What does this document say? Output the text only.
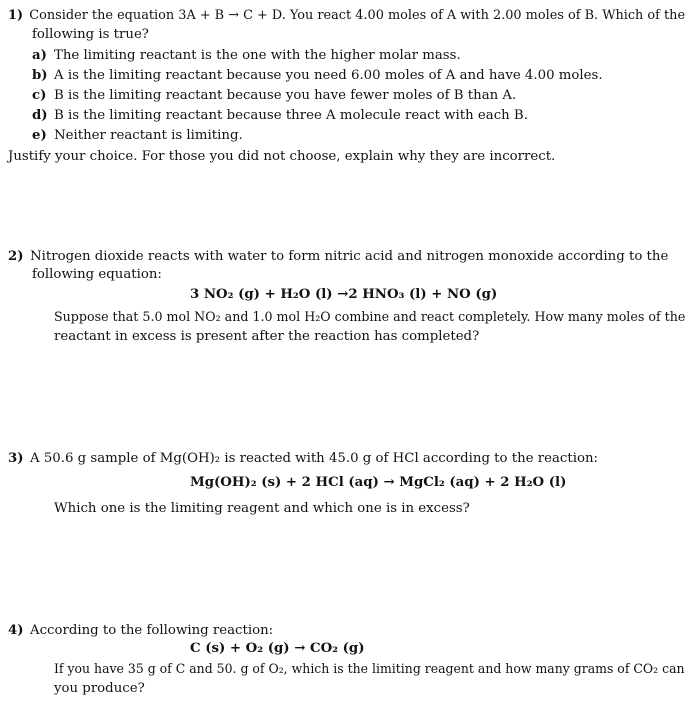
1) Consider the equation 3A + B → C + D. You react 4.00 moles of A with 2.00 moles of B. Which of the
following is true?
a) The limiting reactant is the one with the higher molar mass.
b) A is the limiting reactant because you need 6.00 moles of A and have 4.00 moles.
c) B is the limiting reactant because you have fewer moles of B than A.
d) B is the limiting reactant because three A molecule react with each B.
e) Neither reactant is limiting.
Justify your choice. For those you did not choose, explain why they are incorrect.
2) Nitrogen dioxide reacts with water to form nitric acid and nitrogen monoxide according to the
following equation:
3 NO₂ (g) + H₂O (l) →2 HNO₃ (l) + NO (g)
Suppose that 5.0 mol NO₂ and 1.0 mol H₂O combine and react completely. How many moles of the
reactant in excess is present after the reaction has completed?
3) A 50.6 g sample of Mg(OH)₂ is reacted with 45.0 g of HCl according to the reaction:
Mg(OH)₂ (s) + 2 HCl (aq) → MgCl₂ (aq) + 2 H₂O (l)
Which one is the limiting reagent and which one is in excess?
4) According to the following reaction:
C (s) + O₂ (g) → CO₂ (g)
If you have 35 g of C and 50. g of O₂, which is the limiting reagent and how many grams of CO₂ can
you produce?
